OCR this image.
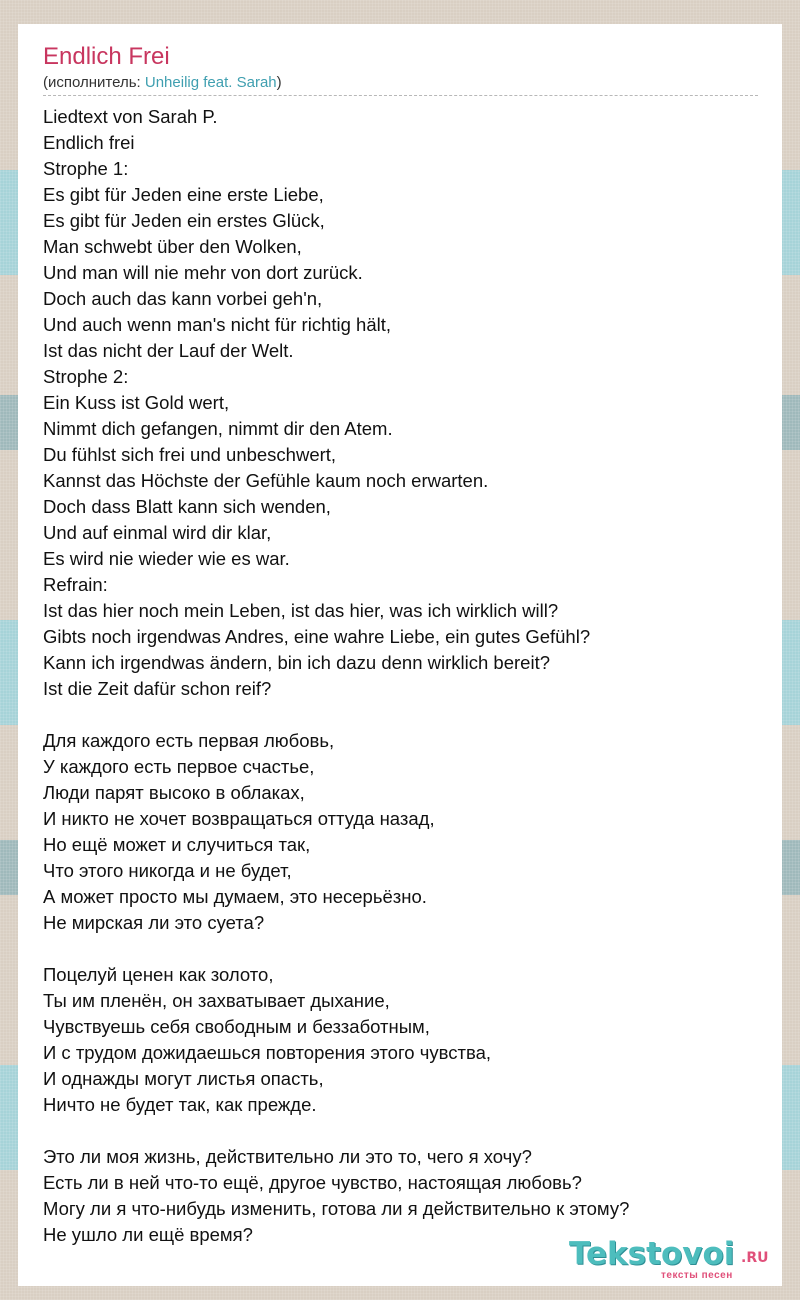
Endlich Frei
(исполнитель: Unheilig feat. Sarah)
Liedtext von Sarah P.
Endlich frei
Strophe 1:
Es gibt für Jeden eine erste Liebe,
Es gibt für Jeden ein erstes Glück,
Man schwebt über den Wolken,
Und man will nie mehr von dort zurück.
Doch auch das kann vorbei geh'n,
Und auch wenn man's nicht für richtig hält,
Ist das nicht der Lauf der Welt.
Strophe 2:
Ein Kuss ist Gold wert,
Nimmt dich gefangen, nimmt dir den Atem.
Du fühlst sich frei und unbeschwert,
Kannst das Höchste der Gefühle kaum noch erwarten.
Doch dass Blatt kann sich wenden,
Und auf einmal wird dir klar,
Es wird nie wieder wie es war.
Refrain:
Ist das hier noch mein Leben, ist das hier, was ich wirklich will?
Gibts noch irgendwas Andres, eine wahre Liebe, ein gutes Gefühl?
Kann ich irgendwas ändern, bin ich dazu denn wirklich bereit?
Ist die Zeit dafür schon reif?
Для каждого есть первая любовь,
У каждого есть первое счастье,
Люди парят высоко в облаках,
И никто не хочет возвращаться оттуда назад,
Но ещё может и случиться так,
Что этого никогда и не будет,
А может просто мы думаем, это несерьёзно.
Не мирская ли это суета?
Поцелуй ценен как золото,
Ты им пленён, он захватывает дыхание,
Чувствуешь себя свободным и беззаботным,
И с трудом дожидаешься повторения этого чувства,
И однажды могут листья опасть,
Ничто не будет так, как прежде.
Это ли моя жизнь, действительно ли это то, чего я хочу?
Есть ли в ней что-то ещё, другое чувство, настоящая любовь?
Могу ли я что-нибудь изменить, готова ли я действительно к этому?
Не ушло ли ещё время?
Tekstovoi .RU
тексты песен
